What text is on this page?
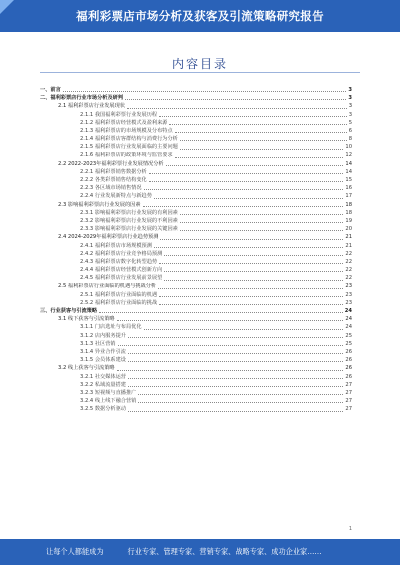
福利彩票店市场分析及获客及引流策略研究报告
内容目录
一、前言	3
二、福利彩票店行业市场分析及研判	3
2.1 福利彩票店行业发展现状	3
2.1.1 我国福利彩票行业发展历程	3
2.1.2 福利彩票店经营模式及盈利来源	5
2.1.3 福利彩票店的市场规模及分布特点	6
2.1.4 福利彩票店客群结构与消费行为分析	8
2.1.5 福利彩票店行业发展面临的主要问题	10
2.1.6 福利彩票店的政策环境与监管要求	12
2.2 2022-2023年福利彩票行业发展情况分析	14
2.2.1 福利彩票销售数据分析	14
2.2.2 各类彩票销售结构变化	15
2.2.3 各区域市场销售情况	16
2.2.4 行业发展新特点与新趋势	17
2.3 影响福利彩票店行业发展的因素	18
2.3.1 影响福利彩票店行业发展的有利因素	18
2.3.2 影响福利彩票店行业发展的不利因素	19
2.3.3 影响福利彩票店行业发展的关键因素	20
2.4 2024-2029年福利彩票店行业趋势预测	21
2.4.1 福利彩票店市场规模预测	21
2.4.2 福利彩票店行业竞争格局预测	22
2.4.3 福利彩票店数字化转型趋势	22
2.4.4 福利彩票店经营模式创新方向	22
2.4.5 福利彩票店行业发展前景展望	22
2.5 福利彩票店行业面临的机遇与挑战分析	23
2.5.1 福利彩票店行业面临的机遇	23
2.5.2 福利彩票店行业面临的挑战	23
三、行业获客与引流策略	24
3.1 线下获客与引流策略	24
3.1.1 门店选址与布局优化	24
3.1.2 店内服务提升	25
3.1.3 社区营销	25
3.1.4 异业合作引流	26
3.1.5 会员体系建设	26
3.2 线上获客与引流策略	26
3.2.1 社交媒体运营	26
3.2.2 私域流量搭建	27
3.2.3 短视频与直播推广	27
3.2.4 线上线下融合营销	27
3.2.5 数据分析驱动	27
1
让每个人都能成为	行业专家、管理专家、营销专家、战略专家、成功企业家……
